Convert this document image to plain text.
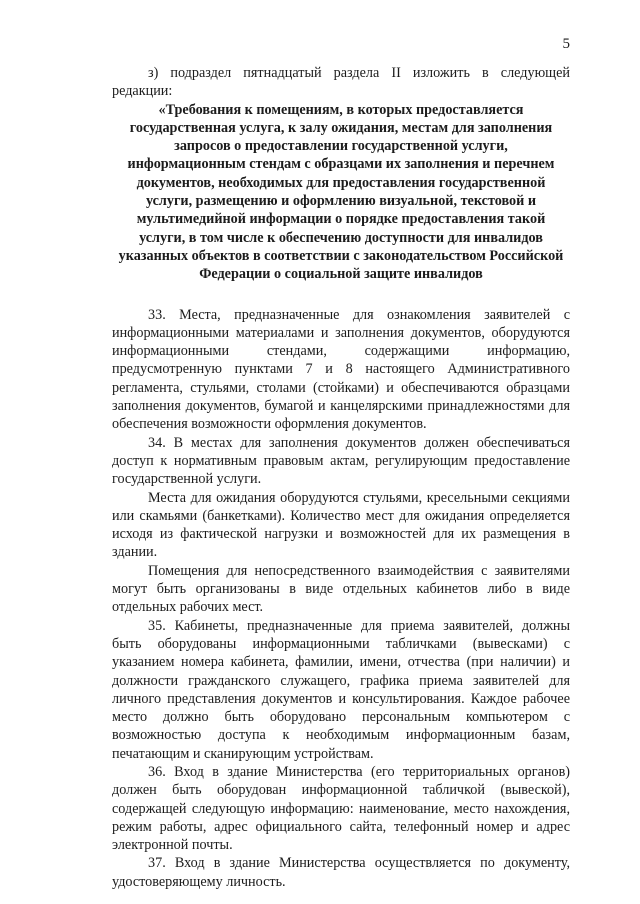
5

з) подраздел пятнадцатый раздела II изложить в следующей редакции:

«Требования к помещениям, в которых предоставляется государственная услуга, к залу ожидания, местам для заполнения запросов о предоставлении государственной услуги, информационным стендам с образцами их заполнения и перечнем документов, необходимых для предоставления государственной услуги, размещению и оформлению визуальной, текстовой и мультимедийной информации о порядке предоставления такой услуги, в том числе к обеспечению доступности для инвалидов указанных объектов в соответствии с законодательством Российской Федерации о социальной защите инвалидов

33. Места, предназначенные для ознакомления заявителей с информационными материалами и заполнения документов, оборудуются информационными стендами, содержащими информацию, предусмотренную пунктами 7 и 8 настоящего Административного регламента, стульями, столами (стойками) и обеспечиваются образцами заполнения документов, бумагой и канцелярскими принадлежностями для обеспечения возможности оформления документов.

34. В местах для заполнения документов должен обеспечиваться доступ к нормативным правовым актам, регулирующим предоставление государственной услуги.

Места для ожидания оборудуются стульями, кресельными секциями или скамьями (банкетками). Количество мест для ожидания определяется исходя из фактической нагрузки и возможностей для их размещения в здании.

Помещения для непосредственного взаимодействия с заявителями могут быть организованы в виде отдельных кабинетов либо в виде отдельных рабочих мест.

35. Кабинеты, предназначенные для приема заявителей, должны быть оборудованы информационными табличками (вывесками) с указанием номера кабинета, фамилии, имени, отчества (при наличии) и должности гражданского служащего, графика приема заявителей для личного представления документов и консультирования. Каждое рабочее место должно быть оборудовано персональным компьютером с возможностью доступа к необходимым информационным базам, печатающим и сканирующим устройствам.

36. Вход в здание Министерства (его территориальных органов) должен быть оборудован информационной табличкой (вывеской), содержащей следующую информацию: наименование, место нахождения, режим работы, адрес официального сайта, телефонный номер и адрес электронной почты.

37. Вход в здание Министерства осуществляется по документу, удостоверяющему личность.
